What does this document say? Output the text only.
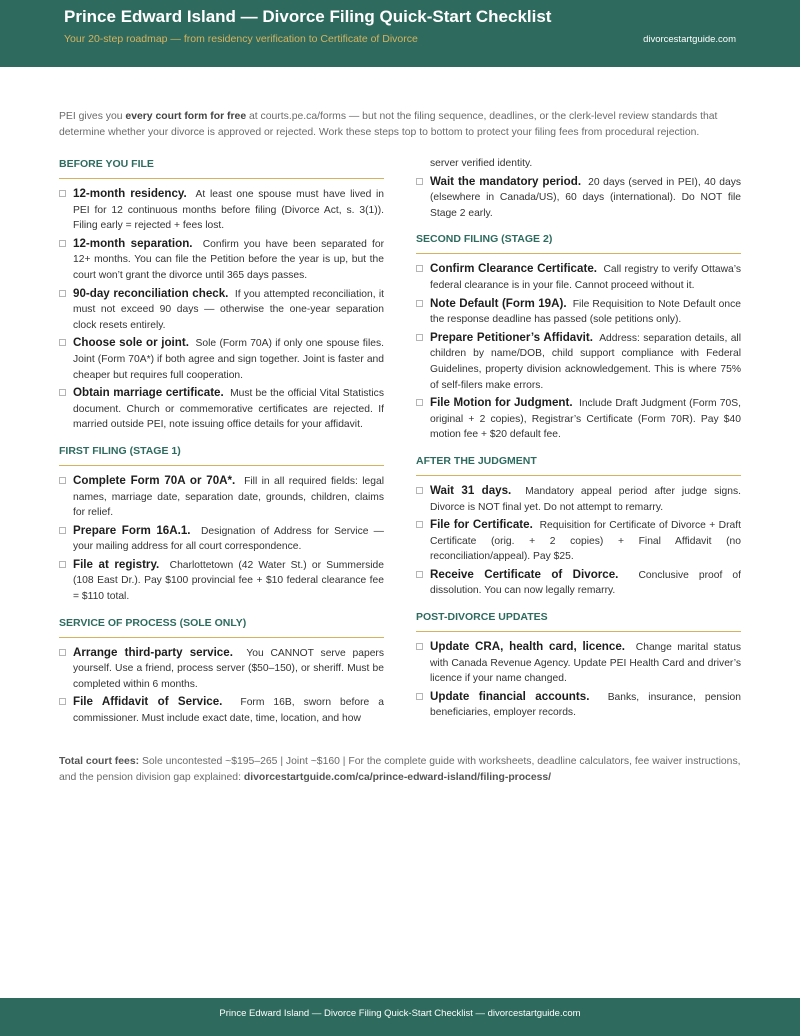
Prince Edward Island — Divorce Filing Quick-Start Checklist
Your 20-step roadmap — from residency verification to Certificate of Divorce	divorcestartguide.com
PEI gives you every court form for free at courts.pe.ca/forms — but not the filing sequence, deadlines, or the clerk-level review standards that determine whether your divorce is approved or rejected. Work these steps top to bottom to protect your filing fees from procedural rejection.
BEFORE YOU FILE
12-month residency. At least one spouse must have lived in PEI for 12 continuous months before filing (Divorce Act, s. 3(1)). Filing early = rejected + fees lost.
12-month separation. Confirm you have been separated for 12+ months. You can file the Petition before the year is up, but the court won’t grant the divorce until 365 days passes.
90-day reconciliation check. If you attempted reconciliation, it must not exceed 90 days — otherwise the one-year separation clock resets entirely.
Choose sole or joint. Sole (Form 70A) if only one spouse files. Joint (Form 70A*) if both agree and sign together. Joint is faster and cheaper but requires full cooperation.
Obtain marriage certificate. Must be the official Vital Statistics document. Church or commemorative certificates are rejected. If married outside PEI, note issuing office details for your affidavit.
FIRST FILING (STAGE 1)
Complete Form 70A or 70A*. Fill in all required fields: legal names, marriage date, separation date, grounds, children, claims for relief.
Prepare Form 16A.1. Designation of Address for Service — your mailing address for all court correspondence.
File at registry. Charlottetown (42 Water St.) or Summerside (108 East Dr.). Pay $100 provincial fee + $10 federal clearance fee = $110 total.
SERVICE OF PROCESS (SOLE ONLY)
Arrange third-party service. You CANNOT serve papers yourself. Use a friend, process server ($50–150), or sheriff. Must be completed within 6 months.
File Affidavit of Service. Form 16B, sworn before a commissioner. Must include exact date, time, location, and how
server verified identity.
Wait the mandatory period. 20 days (served in PEI), 40 days (elsewhere in Canada/US), 60 days (international). Do NOT file Stage 2 early.
SECOND FILING (STAGE 2)
Confirm Clearance Certificate. Call registry to verify Ottawa’s federal clearance is in your file. Cannot proceed without it.
Note Default (Form 19A). File Requisition to Note Default once the response deadline has passed (sole petitions only).
Prepare Petitioner’s Affidavit. Address: separation details, all children by name/DOB, child support compliance with Federal Guidelines, property division acknowledgement. This is where 75% of self-filers make errors.
File Motion for Judgment. Include Draft Judgment (Form 70S, original + 2 copies), Registrar’s Certificate (Form 70R). Pay $40 motion fee + $20 default fee.
AFTER THE JUDGMENT
Wait 31 days. Mandatory appeal period after judge signs. Divorce is NOT final yet. Do not attempt to remarry.
File for Certificate. Requisition for Certificate of Divorce + Draft Certificate (orig. + 2 copies) + Final Affidavit (no reconciliation/appeal). Pay $25.
Receive Certificate of Divorce. Conclusive proof of dissolution. You can now legally remarry.
POST-DIVORCE UPDATES
Update CRA, health card, licence. Change marital status with Canada Revenue Agency. Update PEI Health Card and driver’s licence if your name changed.
Update financial accounts. Banks, insurance, pension beneficiaries, employer records.
Total court fees: Sole uncontested ~$195–265 | Joint ~$160 | For the complete guide with worksheets, deadline calculators, fee waiver instructions, and the pension division gap explained: divorcestartguide.com/ca/prince-edward-island/filing-process/
Prince Edward Island — Divorce Filing Quick-Start Checklist — divorcestartguide.com
